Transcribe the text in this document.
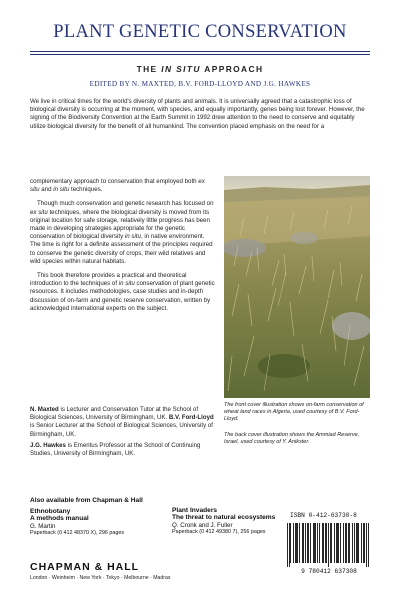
PLANT GENETIC CONSERVATION
THE IN SITU APPROACH
EDITED BY N. MAXTED, B.V. FORD-LLOYD AND J.G. HAWKES

We live in critical times for the world's diversity of plants and animals. It is universally agreed that a catastrophic loss of biological diversity is occurring at the moment, with species, and equally importantly, genes being lost forever. However, the signing of the Biodiversity Convention at the Earth Summit in 1992 drew attention to the need to conserve and equitably utilize biological diversity for the benefit of all humankind. The convention placed emphasis on the need for a

complementary approach to conservation that employed both ex situ and in situ techniques.

Though much conservation and genetic research has focused on ex situ techniques, where the biological diversity is moved from its original location for safe storage, relatively little progress has been made in developing strategies appropriate for the genetic conservation of biological diversity in situ, in native environment. The time is right for a definite assessment of the principles required to conserve the genetic diversity of crops, their wild relatives and wild species within natural habitats.

This book therefore provides a practical and theoretical introduction to the techniques of in situ conservation of plant genetic resources. It includes methodologies, case studies and in-depth discussion of on-farm and genetic reserve conservation, written by acknowledged international experts on the subject.

N. Maxted is Lecturer and Conservation Tutor at the School of Biological Sciences, University of Birmingham, UK. B.V. Ford-Lloyd is Senior Lecturer at the School of Biological Sciences, University of Birmingham, UK.

J.G. Hawkes is Emeritus Professor at the School of Continuing Studies, University of Birmingham, UK.

The front cover illustration shows on-farm conservation of wheat land races in Algeria, used courtesy of B.V. Ford-Lloyd.
The back cover illustration shows the Ammiad Reserve, Israel, used courtesy of Y. Anikster.
Also available from Chapman & Hall
Ethnobotany
A methods manual
G. Martin
Paperback (0 412 48370 X), 296 pages
Plant Invaders
The threat to natural ecosystems
Q. Cronk and J. Fuller
Paperback (0 412 49380 7), 256 pages
CHAPMAN & HALL
London · Weinheim · New York · Tokyo · Melbourne · Madras
ISBN 0-412-63730-8
9 780412 637308
